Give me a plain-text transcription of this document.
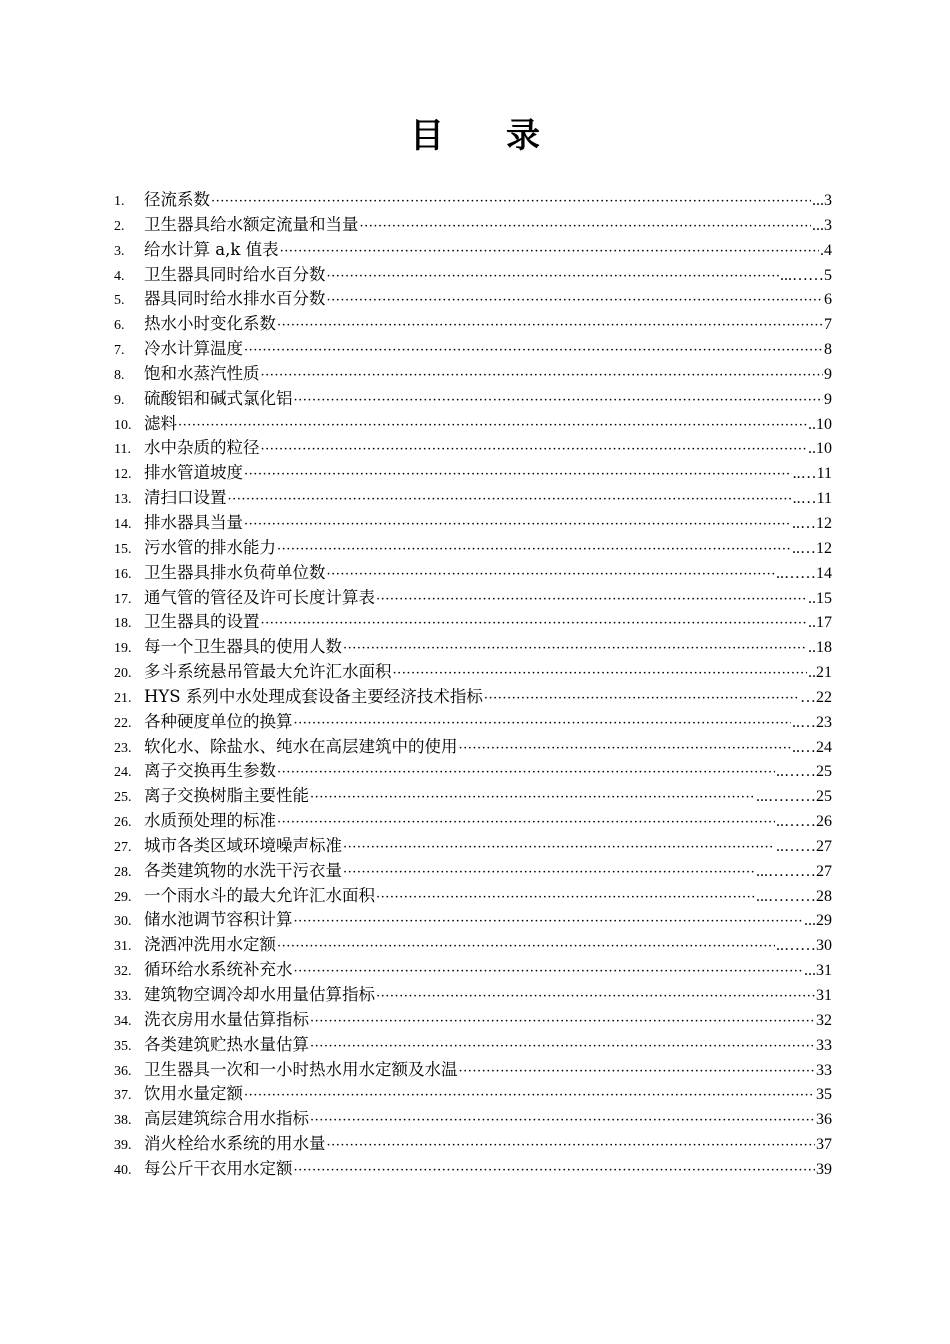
目 录
1.	径流系数 ·····	...3
2.	卫生器具给水额定流量和当量 ·····	...3
3.	给水计算 a,k 值表 ·····	.4
4.	卫生器具同时给水百分数 ·····	...……5
5.	器具同时给水排水百分数 ·····	6
6.	热水小时变化系数 ·····	7
7.	冷水计算温度 ·····	8
8.	饱和水蒸汽性质 ·····	9
9.	硫酸铝和碱式氯化铝 ·····	9
10. 滤料 ·····	..10
11. 水中杂质的粒径 ·····	..10
12. 排水管道坡度 ·····	..…11
13. 清扫口设置 ·····	..…11
14. 排水器具当量 ·····	..…12
15. 污水管的排水能力 ·····	..…12
16. 卫生器具排水负荷单位数 ·····	..……14
17. 通气管的管径及许可长度计算表 ·····	..15
18. 卫生器具的设置 ·····	..17
19. 每一个卫生器具的使用人数 ·····	..18
20. 多斗系统悬吊管最大允许汇水面积 ·····	..21
21. HYS 系列中水处理成套设备主要经济技术指标 ·····	…22
22. 各种硬度单位的换算 ·····	..…23
23. 软化水、除盐水、纯水在高层建筑中的使用 ·····	..…24
24. 离子交换再生参数 ·····	..……25
25. 离子交换树脂主要性能 ·····	...………25
26. 水质预处理的标准 ·····	..……26
27. 城市各类区域环境噪声标准 ·····	..……27
28. 各类建筑物的水洗干污衣量 ·····	...………27
29. 一个雨水斗的最大允许汇水面积 ·····	...………28
30. 储水池调节容积计算 ·····	...29
31. 浇洒冲洗用水定额 ·····	..……30
32. 循环给水系统补充水 ·····	...31
33. 建筑物空调冷却水用量估算指标 ·····	31
34. 洗衣房用水量估算指标 ·····	32
35. 各类建筑贮热水量估算 ·····	33
36. 卫生器具一次和一小时热水用水定额及水温 ·····	33
37. 饮用水量定额 ·····	35
38. 高层建筑综合用水指标 ·····	36
39. 消火栓给水系统的用水量 ·····	37
40. 每公斤干衣用水定额 ·····	39
